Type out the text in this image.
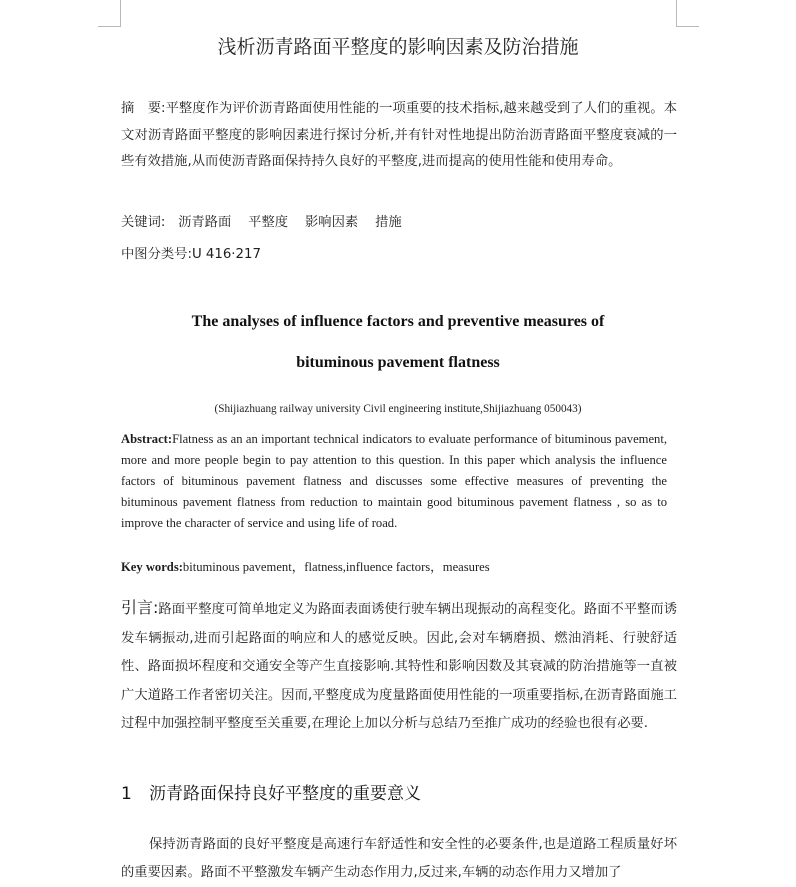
浅析沥青路面平整度的影响因素及防治措施
摘　要:平整度作为评价沥青路面使用性能的一项重要的技术指标,越来越受到了人们的重视。本文对沥青路面平整度的影响因素进行探讨分析,并有针对性地提出防治沥青路面平整度衰减的一些有效措施,从而使沥青路面保持持久良好的平整度,进而提高的使用性能和使用寿命。
关键词: 沥青路面 平整度 影响因素 措施
中图分类号:U 416·217
The analyses of influence factors and preventive measures of
bituminous pavement flatness
(Shijiazhuang railway university Civil engineering institute,Shijiazhuang 050043)
Abstract:Flatness as an an important technical indicators to evaluate performance of bituminous pavement, more and more people begin to pay attention to this question. In this paper which analysis the influence factors of bituminous pavement flatness and discusses some effective measures of preventing the bituminous pavement flatness from reduction to maintain good bituminous pavement flatness , so as to improve the character of service and using life of road.
Key words:bituminous pavement，flatness,influence factors，measures
引言:路面平整度可简单地定义为路面表面诱使行驶车辆出现振动的高程变化。路面不平整而诱发车辆振动,进而引起路面的响应和人的感觉反映。因此,会对车辆磨损、燃油消耗、行驶舒适性、路面损坏程度和交通安全等产生直接影响.其特性和影响因数及其衰减的防治措施等一直被广大道路工作者密切关注。因而,平整度成为度量路面使用性能的一项重要指标,在沥青路面施工过程中加强控制平整度至关重要,在理论上加以分析与总结乃至推广成功的经验也很有必要.
1 沥青路面保持良好平整度的重要意义
保持沥青路面的良好平整度是高速行车舒适性和安全性的必要条件,也是道路工程质量好坏的重要因素。路面不平整激发车辆产生动态作用力,反过来,车辆的动态作用力又增加了
